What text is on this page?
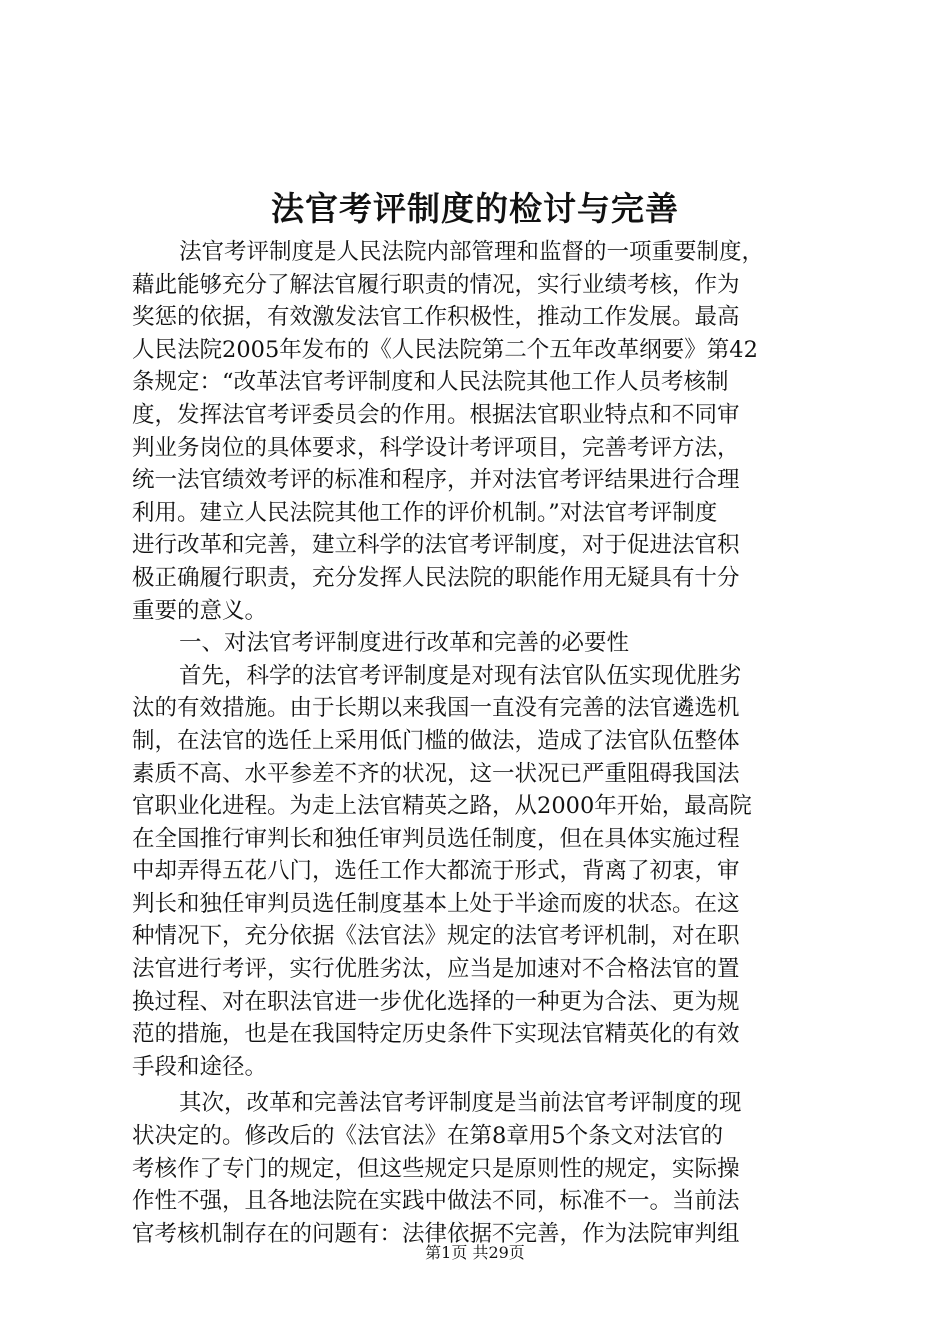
法官考评制度的检讨与完善
法官考评制度是人民法院内部管理和监督的一项重要制度，
藉此能够充分了解法官履行职责的情况，实行业绩考核，作为
奖惩的依据，有效激发法官工作积极性，推动工作发展。最高
人民法院2005年发布的《人民法院第二个五年改革纲要》第42
条规定：“改革法官考评制度和人民法院其他工作人员考核制
度，发挥法官考评委员会的作用。根据法官职业特点和不同审
判业务岗位的具体要求，科学设计考评项目，完善考评方法，
统一法官绩效考评的标准和程序，并对法官考评结果进行合理
利用。建立人民法院其他工作的评价机制。”对法官考评制度
进行改革和完善，建立科学的法官考评制度，对于促进法官积
极正确履行职责，充分发挥人民法院的职能作用无疑具有十分
重要的意义。
一、对法官考评制度进行改革和完善的必要性
首先，科学的法官考评制度是对现有法官队伍实现优胜劣
汰的有效措施。由于长期以来我国一直没有完善的法官遴选机
制，在法官的选任上采用低门槛的做法，造成了法官队伍整体
素质不高、水平参差不齐的状况，这一状况已严重阻碍我国法
官职业化进程。为走上法官精英之路，从2000年开始，最高院
在全国推行审判长和独任审判员选任制度，但在具体实施过程
中却弄得五花八门，选任工作大都流于形式，背离了初衷，审
判长和独任审判员选任制度基本上处于半途而废的状态。在这
种情况下，充分依据《法官法》规定的法官考评机制，对在职
法官进行考评，实行优胜劣汰，应当是加速对不合格法官的置
换过程、对在职法官进一步优化选择的一种更为合法、更为规
范的措施，也是在我国特定历史条件下实现法官精英化的有效
手段和途径。
其次，改革和完善法官考评制度是当前法官考评制度的现
状决定的。修改后的《法官法》在第8章用5个条文对法官的
考核作了专门的规定，但这些规定只是原则性的规定，实际操
作性不强，且各地法院在实践中做法不同，标准不一。当前法
官考核机制存在的问题有：法律依据不完善，作为法院审判组
第1页 共29页
